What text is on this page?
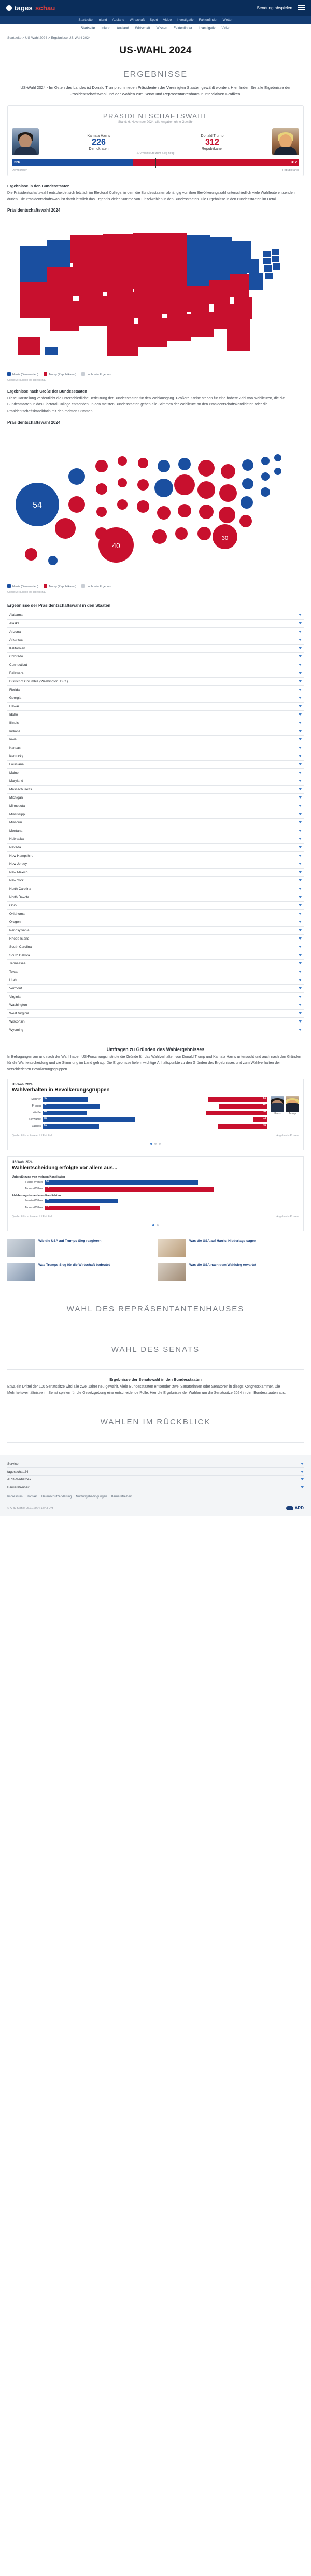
tages schau	Sendung abspielen
Startseite Inland Ausland Wirtschaft Sport Video Investigativ Faktenfinder Wetter
Startseite Inland Ausland Wirtschaft Wissen Faktenfinder Investigativ Video
Startseite > US-Wahl 2024 > Ergebnisse US-Wahl 2024
US-WAHL 2024
ERGEBNISSE
US-Wahl 2024 - Im Osten des Landes ist Donald Trump zum neuen Präsidenten der Vereinigten Staaten gewählt worden. Hier finden Sie alle Ergebnisse der Präsidentschaftswahl und der Wahlen zum Senat und Repräsentantenhaus in interaktiven Grafiken.
PRÄSIDENTSCHAFTSWAHL
Stand: 6. November 2024, alle Angaben ohne Gewähr
Kamala Harris
226
Demokraten
Donald Trump
312
Republikaner
270 Wahlleute zum Sieg nötig
226	312
Demokraten	Republikaner
Ergebnisse in den Bundesstaaten
Die Präsidentschaftswahl entscheidet sich letztlich im Electoral College, in dem die Bundesstaaten abhängig von ihrer Bevölkerungszahl unterschiedlich viele Wahlleute entsenden dürfen. Die Präsidentschaftswahl ist damit letztlich das Ergebnis vieler Summe von Einzelwahlen in den Bundesstaaten. Die Ergebnisse in den Bundesstaaten im Detail:
Präsidentschaftswahl 2024
Harris (Demokraten)	Trump (Republikaner)	noch kein Ergebnis
Quelle: AP/Edison via tagesschau
Ergebnisse nach Größe der Bundesstaaten
Diese Darstellung verdeutlicht die unterschiedliche Bedeutung der Bundesstaaten für den Wahlausgang. Größere Kreise stehen für eine höhere Zahl von Wahlleuten, die die Bundesstaaten in das Electoral College entsenden. In den meisten Bundesstaaten gehen alle Stimmen der Wahlleute an den Präsidentschaftskandidaten oder die Präsidentschaftskandidatin mit den meisten Stimmen.
Präsidentschaftswahl 2024
54
40
30
Harris (Demokraten)	Trump (Republikaner)	noch kein Ergebnis
Quelle: AP/Edison via tagesschau
Ergebnisse der Präsidentschaftswahl in den Staaten
Alabama
Alaska
Arizona
Arkansas
Kalifornien
Colorado
Connecticut
Delaware
District of Columbia (Washington, D.C.)
Florida
Georgia
Hawaii
Idaho
Illinois
Indiana
Iowa
Kansas
Kentucky
Louisiana
Maine
Maryland
Massachusetts
Michigan
Minnesota
Mississippi
Missouri
Montana
Nebraska
Nevada
New Hampshire
New Jersey
New Mexico
New York
North Carolina
North Dakota
Ohio
Oklahoma
Oregon
Pennsylvania
Rhode Island
South Carolina
South Dakota
Tennessee
Texas
Utah
Vermont
Virginia
Washington
West Virginia
Wisconsin
Wyoming
Umfragen zu Gründen des Wahlergebnisses
In Befragungen am und nach der Wahl haben US-Forschungsinstitute die Gründe für das Wahlverhalten von Donald Trump und Kamala Harris untersucht und auch nach den Gründen für die Wahlentscheidung und die Stimmung im Land gefragt. Die Ergebnisse liefern wichtige Anhaltspunkte zu den Gründen des Ergebnisses und zum Wahlverhalten der verschiedenen Bevölkerungsgruppen.
US-Wahl 2024
Wahlverhalten in Bevölkerungsgruppen
Männer 42	55
Frauen 53	45
Weiße 41	57
Schwarze 85	13
Latinos 52	46
Harris	Trump
Quelle: Edison Research / Exit Poll	Angaben in Prozent
US-Wahl 2024
Wahlentscheidung erfolgte vor allem aus...
Unterstützung von meinem Kandidaten
Harris-Wähler 67
Trump-Wähler 74
Ablehnung des anderen Kandidaten
Harris-Wähler 32
Trump-Wähler 24
Quelle: Edison Research / Exit Poll	Angaben in Prozent
Wie die USA auf Trumps Sieg reagieren	Was die USA auf Harris' Niederlage sagen
Was Trumps Sieg für die Wirtschaft bedeutet	Was die USA nach dem Wahlsieg erwartet
WAHL DES REPRÄSENTANTENHAUSES
WAHL DES SENATS
Ergebnisse der Senatswahl in den Bundesstaaten
Etwa ein Drittel der 100 Senatssitze wird alle zwei Jahre neu gewählt. Viele Bundesstaaten entsenden zwei Senatorinnen oder Senatoren in diesgs Kongresskammer. Die Mehrheitsverhältnisse im Senat spielen für die Gesetzgebung eine entscheidende Rolle. Hier die Ergebnisse der Wahlen um die Senatssitze 2024 in den Bundesstaaten aus.
WAHLEN IM RÜCKBLICK
Service
tagesschau24
ARD-Mediathek
Barrierefreiheit
Impressum Kontakt Datenschutzerklärung Nutzungsbedingungen Barrierefreiheit
© ARD Stand: 06.11.2024 12:43 Uhr	ARD
